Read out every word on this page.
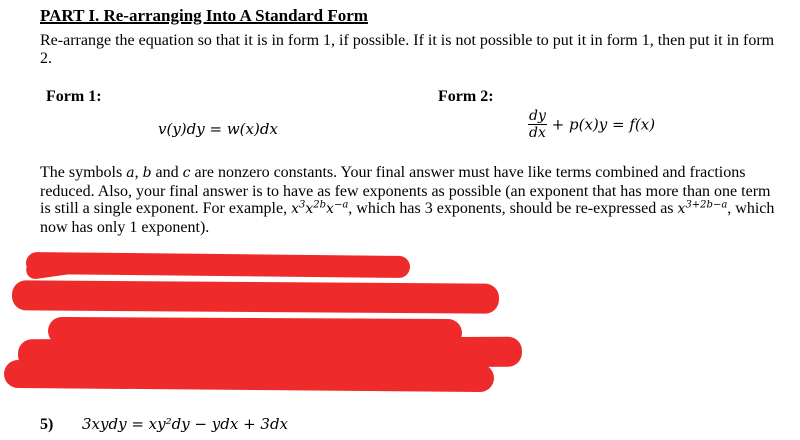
PART I. Re-arranging Into A Standard Form
Re-arrange the equation so that it is in form 1, if possible. If it is not possible to put it in form 1, then put it in form 2.
Form 1:	Form 2:
v(y)dy = w(x)dx	$\frac{dy}{dx} + p(x)y = f(x)$
The symbols a, b and c are nonzero constants. Your final answer must have like terms combined and fractions reduced. Also, your final answer is to have as few exponents as possible (an exponent that has more than one term is still a single exponent. For example, $x^3x^{2b}x^{-a}$, which has 3 exponents, should be re-expressed as $x^{3+2b-a}$, which now has only 1 exponent).
5) 3xydy = xy²dy − ydx + 3dx
